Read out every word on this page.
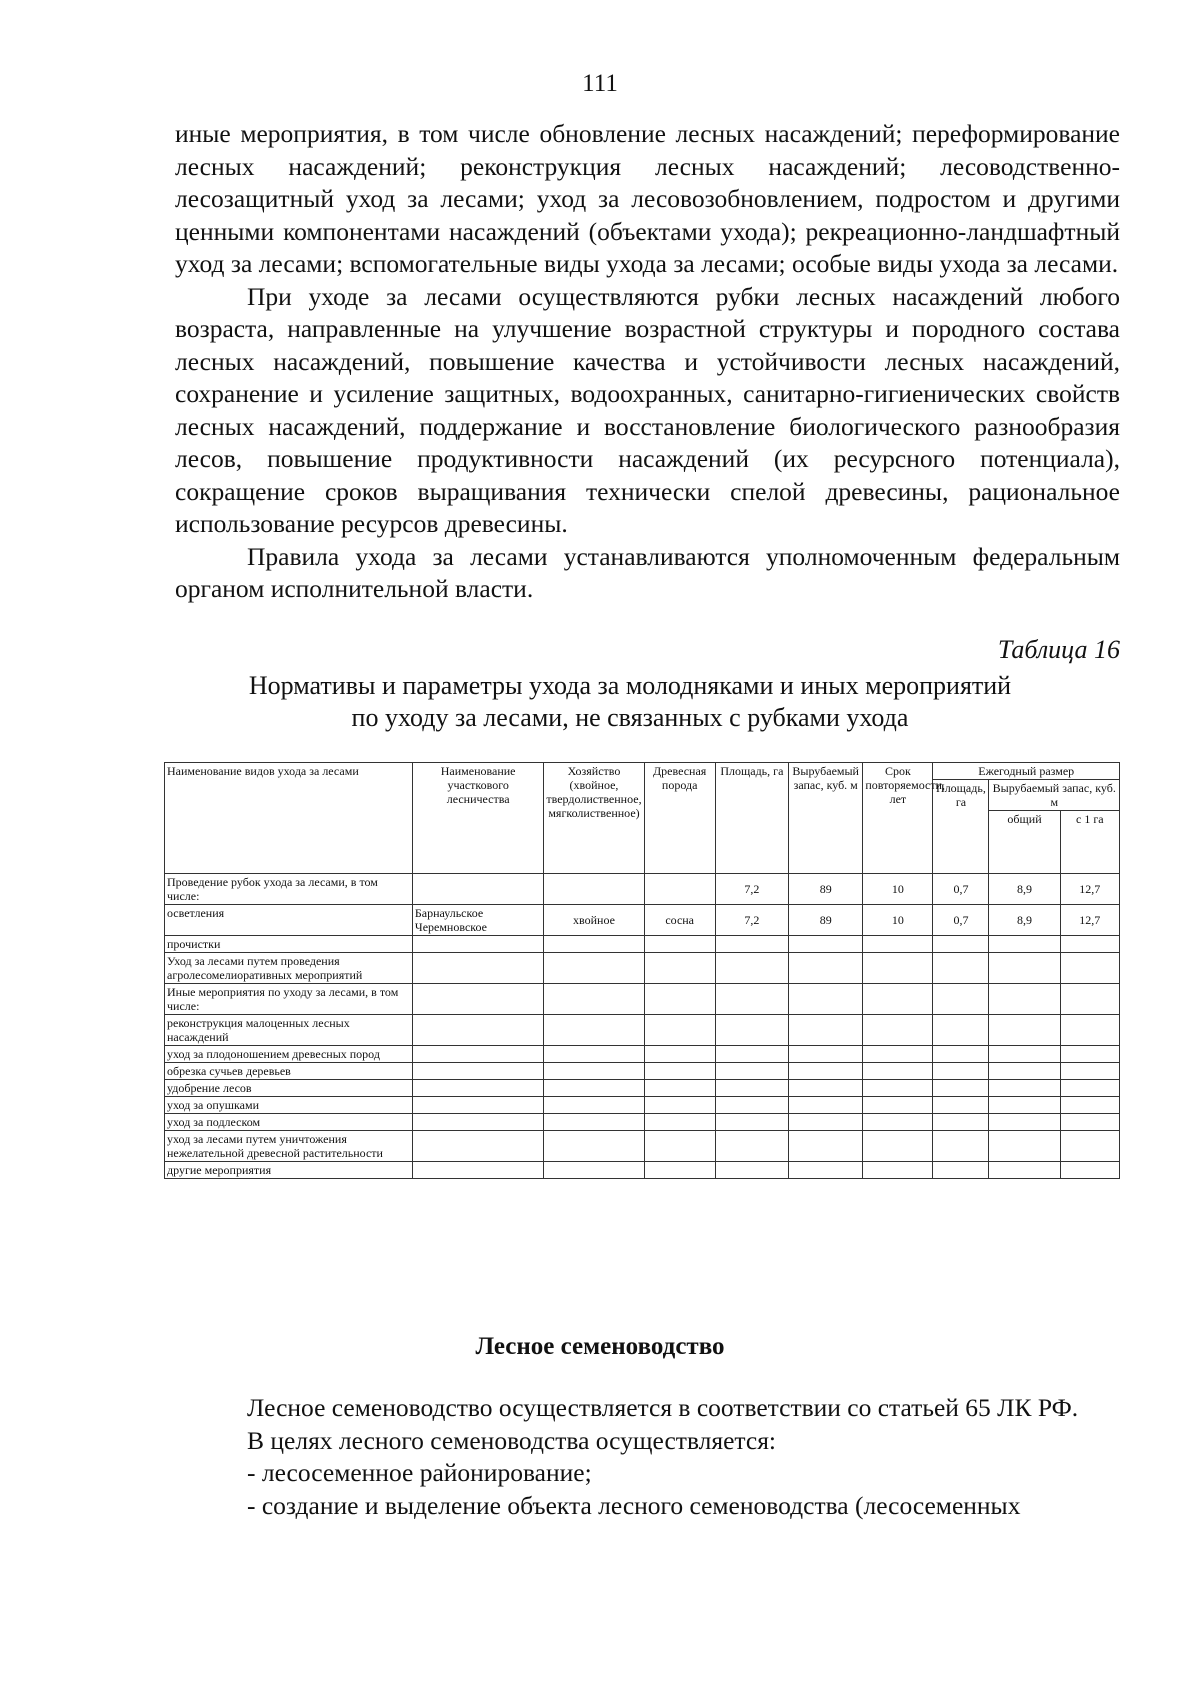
111

иные мероприятия, в том числе обновление лесных насаждений; переформирование лесных насаждений; реконструкция лесных насаждений; лесоводственно-лесозащитный уход за лесами; уход за лесовозобновлением, подростом и другими ценными компонентами насаждений (объектами ухода); рекреационно-ландшафтный уход за лесами; вспомогательные виды ухода за лесами; особые виды ухода за лесами.

При уходе за лесами осуществляются рубки лесных насаждений любого возраста, направленные на улучшение возрастной структуры и породного состава лесных насаждений, повышение качества и устойчивости лесных насаждений, сохранение и усиление защитных, водоохранных, санитарно-гигиенических свойств лесных насаждений, поддержание и восстановление биологического разнообразия лесов, повышение продуктивности насаждений (их ресурсного потенциала), сокращение сроков выращивания технически спелой древесины, рациональное использование ресурсов древесины.

Правила ухода за лесами устанавливаются уполномоченным федеральным органом исполнительной власти.

Таблица 16
Нормативы и параметры ухода за молодняками и иных мероприятий
по уходу за лесами, не связанных с рубками ухода
Наименование видов ухода за лесами	Наименование участкового лесничества	Хозяйство (хвойное, твердолиственное, мягколиственное)	Древесная порода	Площадь, га	Вырубаемый запас, куб. м	Срок повторяемости, лет	Ежегодный размер		
							Площадь, га	Вырубаемый запас, куб. м	
								общий	с 1 га
Проведение рубок ухода за лесами, в том числе:				7,2	89	10	0,7	8,9	12,7
осветления	Барнаульское Черемновское	хвойное	сосна	7,2	89	10	0,7	8,9	12,7
прочистки									
Уход за лесами путем проведения агролесомелиоративных мероприятий									
Иные мероприятия по уходу за лесами, в том числе:									
реконструкция малоценных лесных насаждений									
уход за плодоношением древесных пород									
обрезка сучьев деревьев									
удобрение лесов									
уход за опушками									
уход за подлеском									
уход за лесами путем уничтожения нежелательной древесной растительности									
другие мероприятия									
Лесное семеноводство

Лесное семеноводство осуществляется в соответствии со статьей 65 ЛК РФ.

В целях лесного семеноводства осуществляется:

- лесосеменное районирование;

- создание и выделение объекта лесного семеноводства (лесосеменных
